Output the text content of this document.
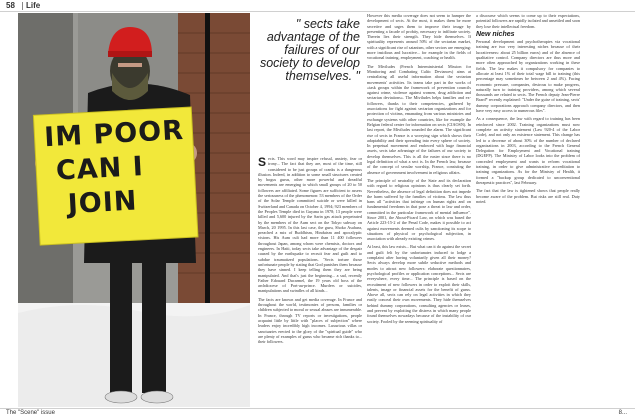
58 Life
IM POOR
CAN I
JOIN
" sects take advantage of the failures of our society to develop themselves. "

Sects. This word may inspire refusal, anxiety, fear or irony... The fact that they are, most of the time, still considered to be just groups of cranks is a dangerous illusion. Indeed, in addition to some small structures created by bogus gurus, other more powerful and dreadful movements are emerging to which small groups of 20 to 50 followers are affiliated. Some figures are sufficient to assess the seriousness of the phenomenon: 53 members of the Order of the Solar Temple committed suicide or were killed in Switzerland and Canada on October 4, 1994; 923 members of the Peoples Temple died in Guyana in 1978; 13 people were killed and 5,600 injured by the Sarin gas attack perpetrated by the members of the Aum sect on the Tokyo subway on March, 20 1995. In this last case, the guru, Shoko Asahara, preached a mix of Buddhism, Hinduism and apocalyptic visions. His Aum cult had more than 11 400 followers throughout Japan, among whom were chemists, doctors and engineers. In Haiti, today sects take advantage of the despair caused by the earthquake to recruit fear and guilt and to subdue traumatized populations. "Sects torture those unfortunate people by stating that God punishes them because they have sinned. I keep telling them they are being manipulated. And that's just the beginning... a sad, recently Father Edouard Ducarmel, the 19 years old boss of the archdiocese of Port-au-prince. Murders or suicides, manipulations and swindles of all kinds...

The facts are known and get media coverage. In France and throughout the world, testimonies of persons, families or children subjected to moral or sexual abuses are innumerable. In France, through TV reports or investigations, people acquaint little by little with "places of subjection" where leaders enjoy incredibly high incomes. Luxurious villas or sanctuaries erected to the glory of the "spiritual guide" who are plenty of examples of gurus who became rich thanks to... their followers.

However this media coverage does not seem to hamper the development of sects. At the most, it makes them be more secretive and urges them to improve their image by presenting a facade of probity, necessary to infiltrate society. Therein lies their strength. They hide themselves. If spirituality represents around 50% of the sectarian market, with a significant rise of satanism, other sectors are emerging: more insidious and lucrative... for example in the fields of vocational training, employment, coaching or health.

The Miviludes (French Interministerial Mission for Monitoring and Combating Cultic Deviances) aims at centralizing all useful information about the sectarian movements' activities. Its teams take part in the works of «task groups within the framework of prevention councils against crime, violence against women, drug addiction and sectarian deviations». The Miviludes helps families and ex-followers, thanks to their competencies, gathered by associations for fight against sectarian organizations and for protection of victims, emanating from various ministries and exchange systems with other countries, like for example the Belgian federal center for information on sects (CIAOSN). In last report, the Miviludes sounded the alarm. The significant rise of sects in France is a worrying sign which shows their adaptability and their spreading into every sphere of society. In perpetual movement and endowed with huge financial assets, sects take advantage of the failures of our society to develop themselves. This is all the easier since there is no legal definition of what a sect is. In the French law, because of the concept of secular worship, France, consisting the absence of government involvement in religious affairs.

The principle of neutrality of the State and its declaration with regard to religious opinions is thus clearly set forth. Nevertheless, the absence of legal definition does not impede the harm suffered by the families of victims. The law thus bans all "activities that infringe on human rights and on fundamental freedoms in that pose a threat to law and order, committed in the particular framework of mental influence". Since 2001, the About-Picard Law, on which was based the Article 223-15-2 of the Penal Code, makes it possible to act against movements deemed cults by sanctioning its scope to situations of physical or psychological subjection, in association with already existing crimes.

At least, this law exists... But what can it do against the secret and guilt felt by the unfortunates induced to lodge a complaint after having voluntarily given all their money? Sects always develop more subtle seductive methods and modes to attract new followers: elaborate questionnaires, psychological profiles or application conceptions... Sects are everywhere, every time... The principle is based on the recruitment of new followers in order to exploit their skills, talents, image or financial assets for the benefit of gurus. Above all, sects can rely on legal activities in which they easily conceal their own movements. They hide themselves behind dummy corporations, consulting agencies or leases, and prevent by exploiting the distress in which many people found themselves nowadays because of the instability of our society. Fooled by the seeming spirituality of

a discourse which seems to come up to their expectations, potential followers are rapidly isolated and unsettled and soon they lose their intellectual freedom.

New niches

Personal development and psychotherapies via vocational training are two very interesting niches because of their lucrativeness: about 25 billion euros) and of the absence of qualitative control. Company directors are thus more and more often approached by organizations working in these fields. The law makes it compulsory for companies to allocate at least 1% of their total wage bill to training (this percentage may sometimes be between 2 and 4%). Facing economic pressure, companies, desirous to make progress, naturally turn to training providers, among which several thousands are related to sects. The French deputy Jean-Pierre Brard* recently explained: "Under the guise of training, sects' dummy corporations approach company directors, and then have very easy access to numerous files".

As a consequence, the law with regard to training has been reinforced since 2002. Training organizations must now complete an activity statement (Law 920-4 of the Labor Code), and not only an existence statement. This change has led to a decrease of about 30% of the number of declared organizations in 2003, according to the French General Delegation for Employment and Vocational training (DGEFP). The Ministry of Labor looks into the problem of concealed employment and wants to reform vocational training, in order to give administrative accreditation to training organizations. As for the Ministry of Health, it formed a "backup group dedicated to unconventional therapeutic practices", last February.

The fact that the law is tightened shows that people really become aware of the problem. But risks are still real. Duty noted.

The "Scene" issue	8...
